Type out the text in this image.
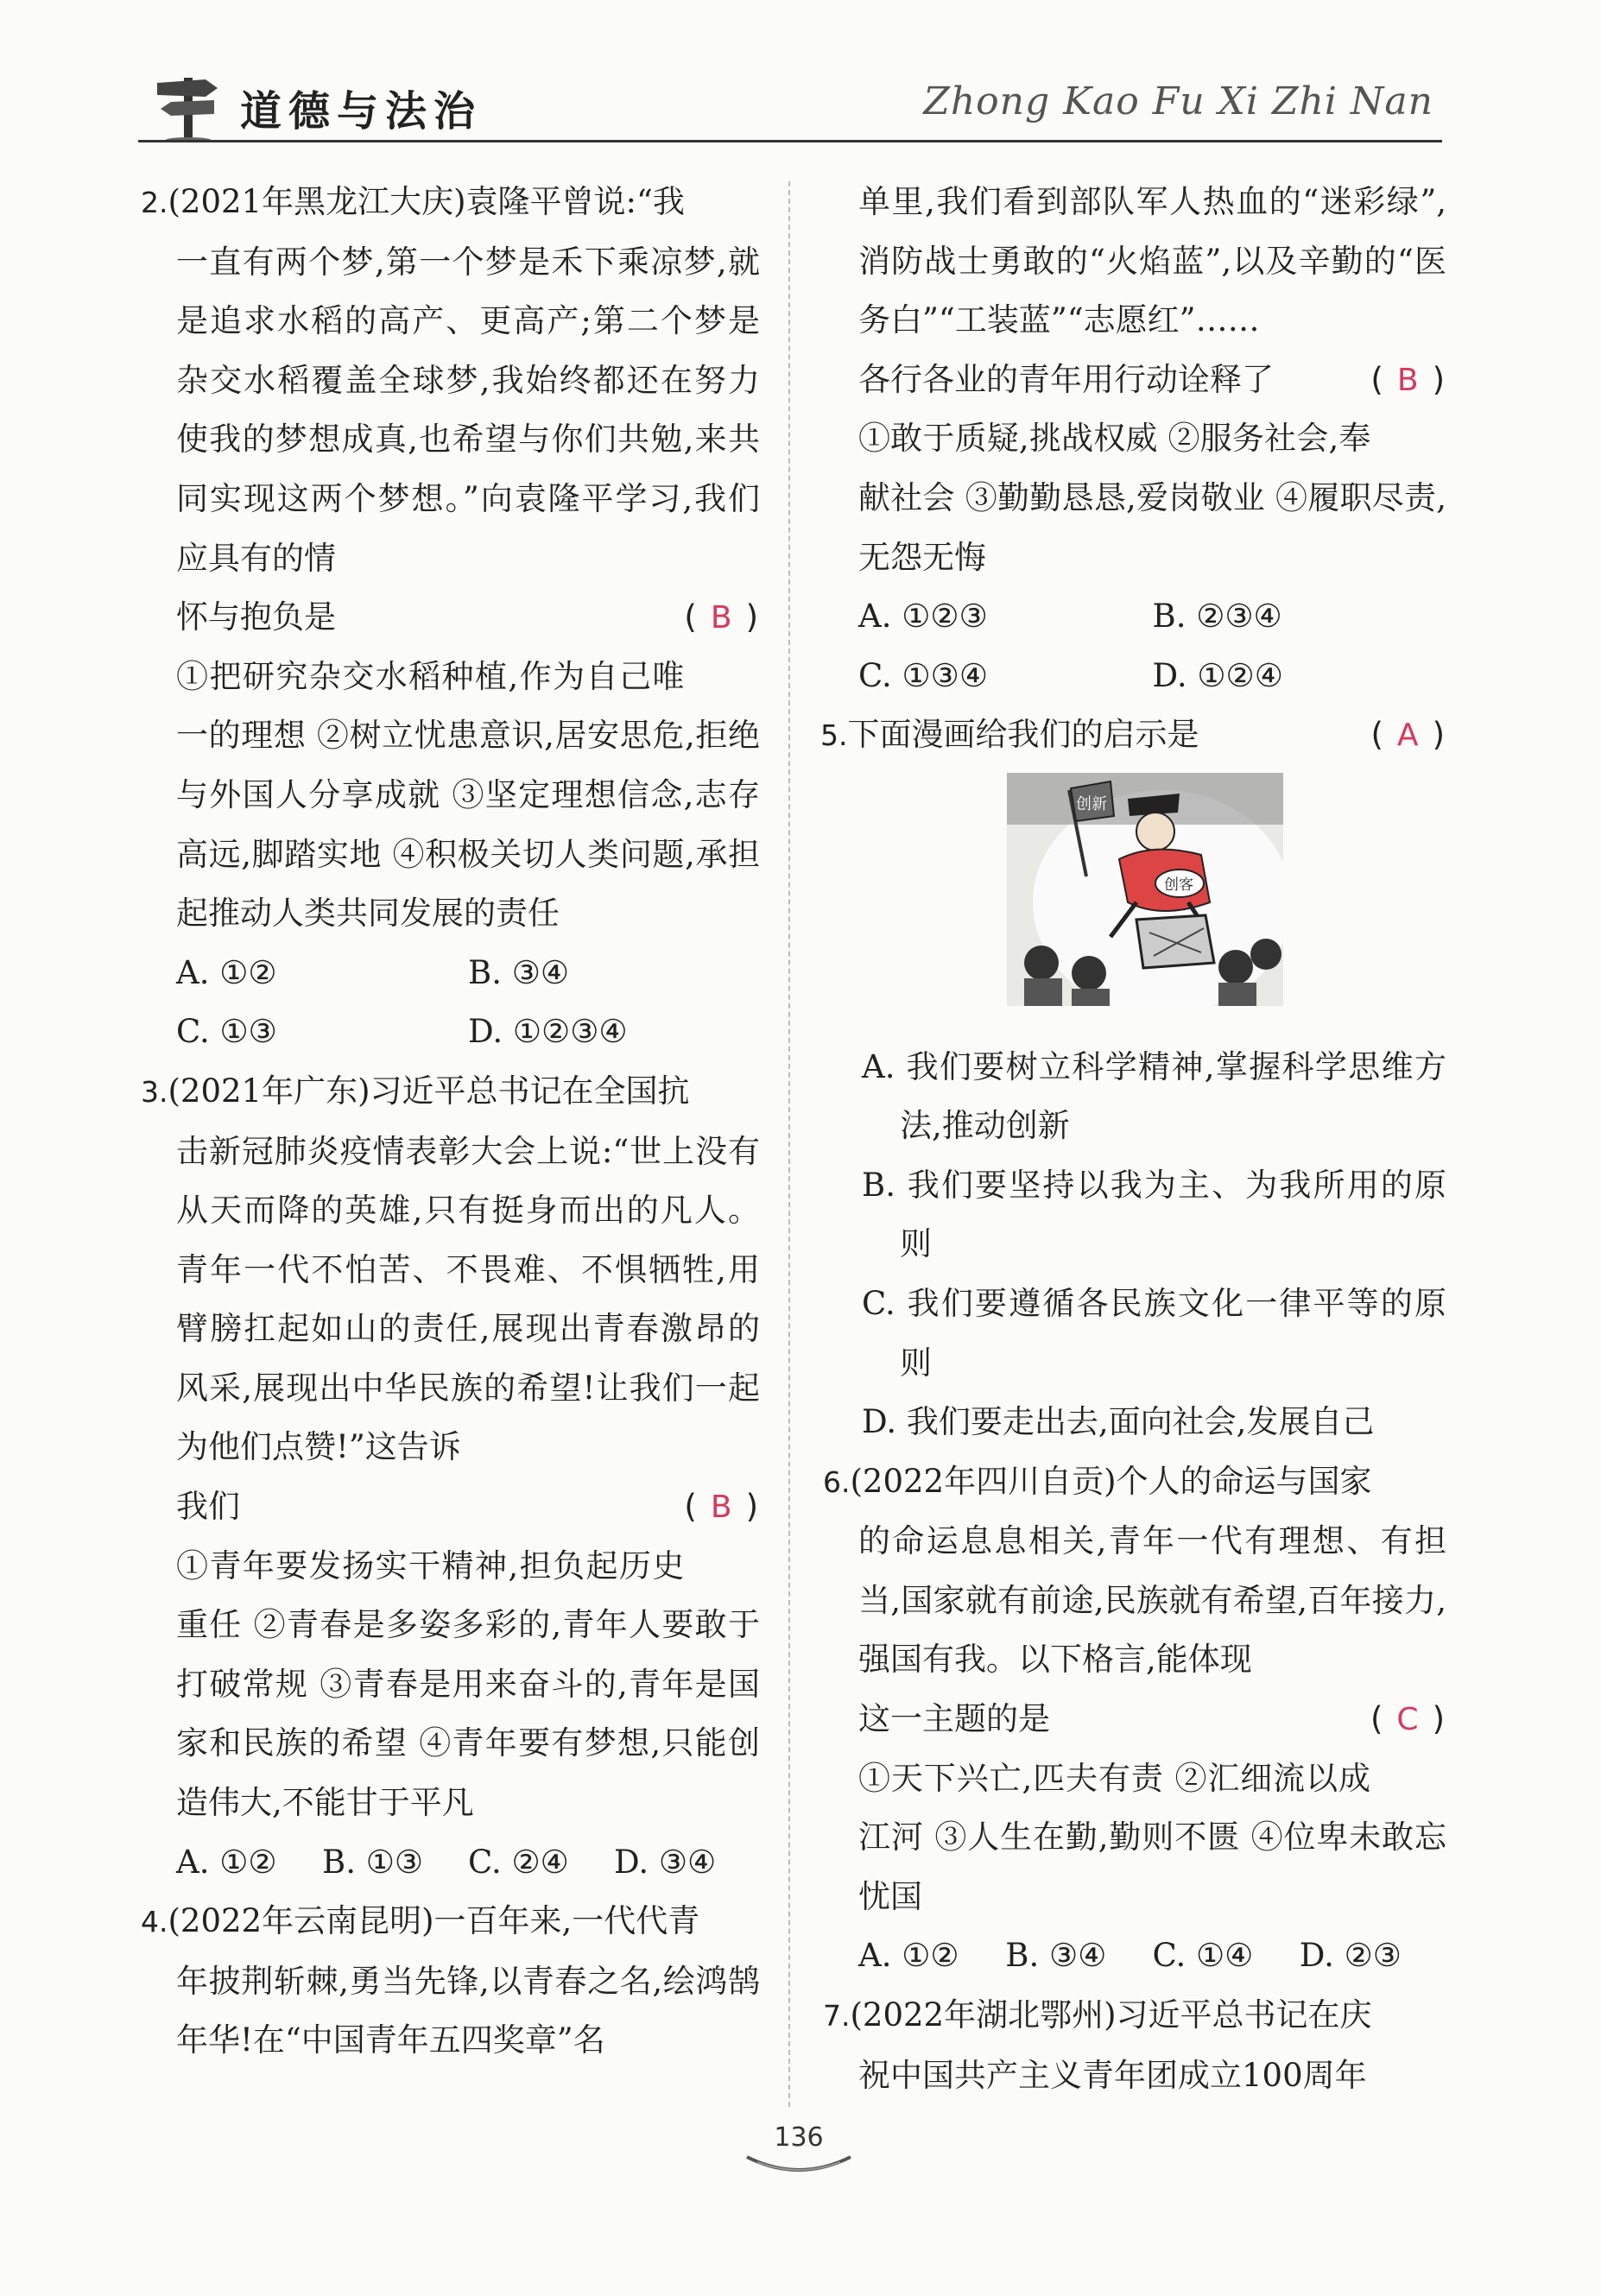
道德与法治	Zhong Kao Fu Xi Zhi Nan
2.(2021年黑龙江大庆)袁隆平曾说:“我
一直有两个梦,第一个梦是禾下乘凉梦,就是追求水稻的高产、更高产;第二个梦是杂交水稻覆盖全球梦,我始终都还在努力使我的梦想成真,也希望与你们共勉,来共同实现这两个梦想。”向袁隆平学习,我们应具有的情
怀与抱负是	( B )
①把研究杂交水稻种植,作为自己唯一的理想 ②树立忧患意识,居安思危,拒绝与外国人分享成就 ③坚定理想信念,志存高远,脚踏实地 ④积极关切人类问题,承担起推动人类共同发展的责任
A. ①②	B. ③④
C. ①③	D. ①②③④
3.(2021年广东)习近平总书记在全国抗
击新冠肺炎疫情表彰大会上说:“世上没有从天而降的英雄,只有挺身而出的凡人。青年一代不怕苦、不畏难、不惧牺牲,用臂膀扛起如山的责任,展现出青春激昂的风采,展现出中华民族的希望!让我们一起为他们点赞!”这告诉
我们	( B )
①青年要发扬实干精神,担负起历史重任 ②青春是多姿多彩的,青年人要敢于打破常规 ③青春是用来奋斗的,青年是国家和民族的希望 ④青年要有梦想,只能创造伟大,不能甘于平凡
A. ①②	B. ①③	C. ②④	D. ③④
4.(2022年云南昆明)一百年来,一代代青
年披荆斩棘,勇当先锋,以青春之名,绘鸿鹄年华!在“中国青年五四奖章”名
单里,我们看到部队军人热血的“迷彩绿”,消防战士勇敢的“火焰蓝”,以及辛勤的“医务白”“工装蓝”“志愿红”……
各行各业的青年用行动诠释了	( B )
①敢于质疑,挑战权威 ②服务社会,奉献社会 ③勤勤恳恳,爱岗敬业 ④履职尽责,无怨无悔
A. ①②③	B. ②③④
C. ①③④	D. ①②④
5.下面漫画给我们的启示是	( A )
创新
创客
A. 我们要树立科学精神,掌握科学思维方法,推动创新
B. 我们要坚持以我为主、为我所用的原则
C. 我们要遵循各民族文化一律平等的原则
D. 我们要走出去,面向社会,发展自己
6.(2022年四川自贡)个人的命运与国家
的命运息息相关,青年一代有理想、有担当,国家就有前途,民族就有希望,百年接力,强国有我。以下格言,能体现
这一主题的是	( C )
①天下兴亡,匹夫有责 ②汇细流以成江河 ③人生在勤,勤则不匮 ④位卑未敢忘忧国
A. ①②	B. ③④	C. ①④	D. ②③
7.(2022年湖北鄂州)习近平总书记在庆
祝中国共产主义青年团成立100周年
136
